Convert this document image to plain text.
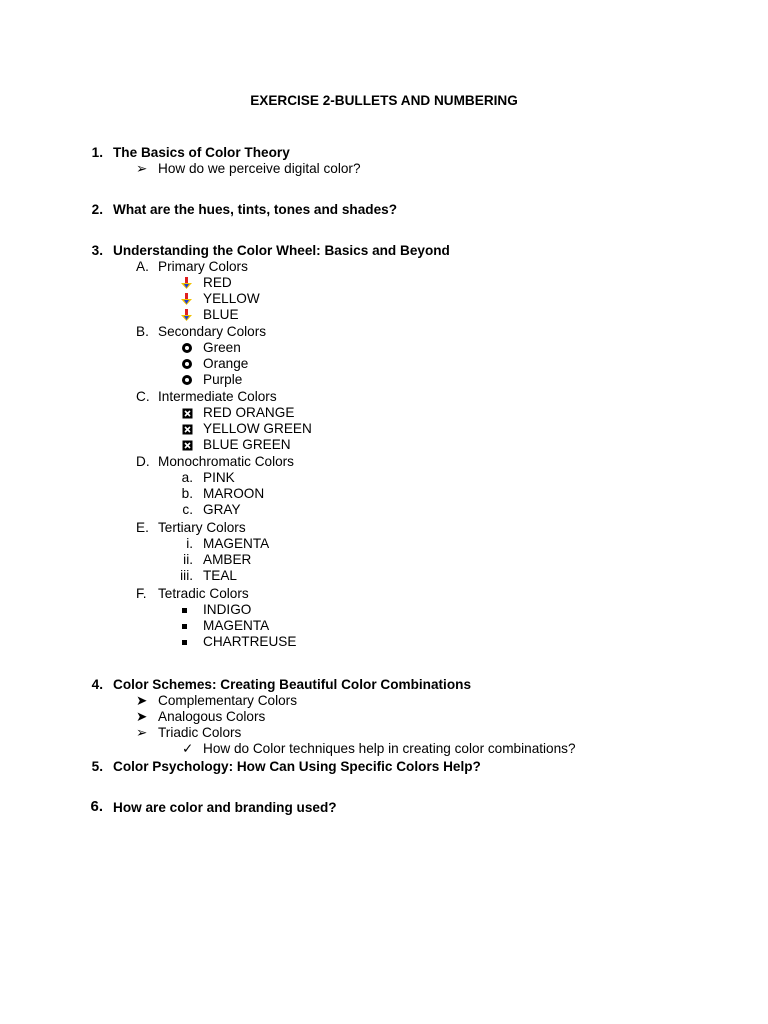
EXERCISE 2-BULLETS AND NUMBERING
1. The Basics of Color Theory
➢ How do we perceive digital color?
2. What are the hues, tints, tones and shades?
3. Understanding the Color Wheel: Basics and Beyond
A. Primary Colors
RED
YELLOW
BLUE
B. Secondary Colors
Green
Orange
Purple
C. Intermediate Colors
RED ORANGE
YELLOW GREEN
BLUE GREEN
D. Monochromatic Colors
a. PINK
b. MAROON
c. GRAY
E. Tertiary Colors
i. MAGENTA
ii. AMBER
iii. TEAL
F. Tetradic Colors
INDIGO
MAGENTA
CHARTREUSE
4. Color Schemes: Creating Beautiful Color Combinations
➤ Complementary Colors
➤ Analogous Colors
➢ Triadic Colors
✓ How do Color techniques help in creating color combinations?
5. Color Psychology: How Can Using Specific Colors Help?
6. How are color and branding used?
